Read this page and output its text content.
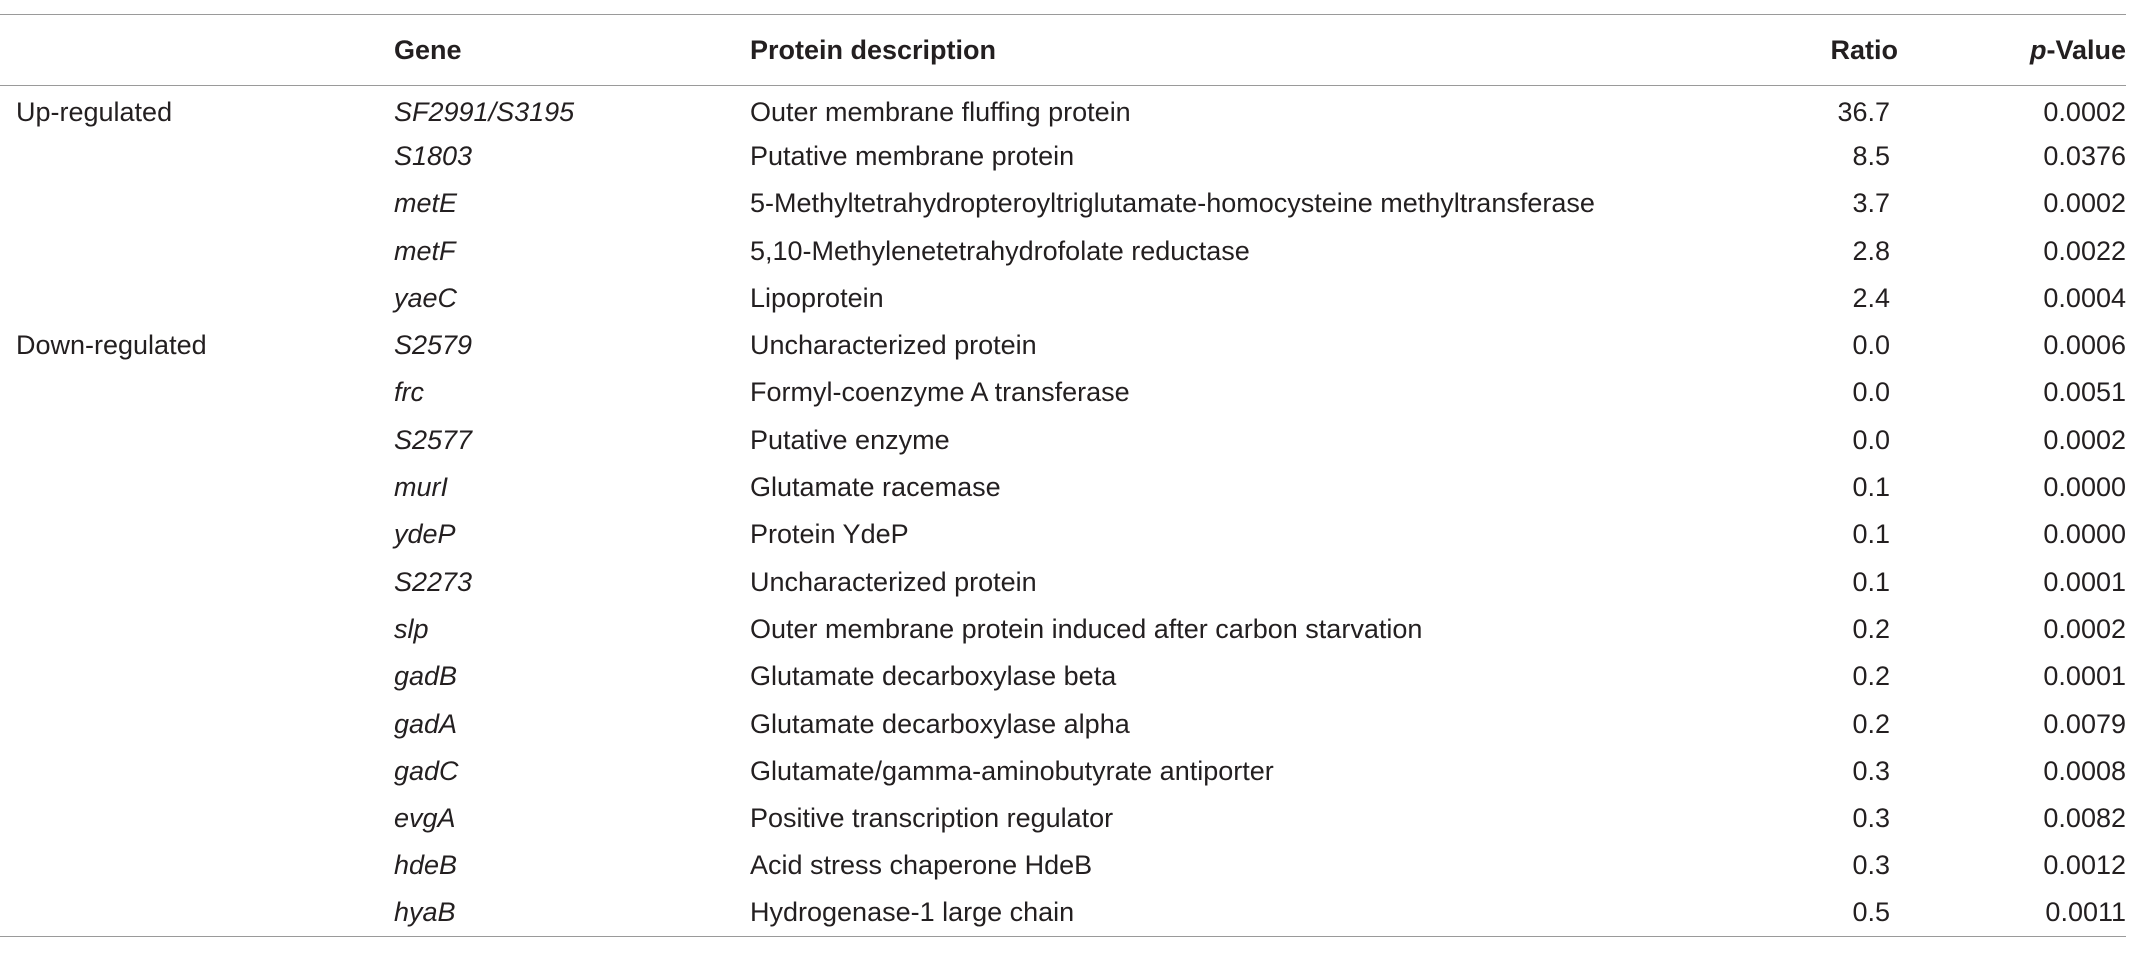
	Gene	Protein description	Ratio	p-Value
Up-regulated	SF2991/S3195	Outer membrane fluffing protein	36.7	0.0002
	S1803	Putative membrane protein	8.5	0.0376
	metE	5-Methyltetrahydropteroyltriglutamate-homocysteine methyltransferase	3.7	0.0002
	metF	5,10-Methylenetetrahydrofolate reductase	2.8	0.0022
	yaeC	Lipoprotein	2.4	0.0004
Down-regulated	S2579	Uncharacterized protein	0.0	0.0006
	frc	Formyl-coenzyme A transferase	0.0	0.0051
	S2577	Putative enzyme	0.0	0.0002
	murI	Glutamate racemase	0.1	0.0000
	ydeP	Protein YdeP	0.1	0.0000
	S2273	Uncharacterized protein	0.1	0.0001
	slp	Outer membrane protein induced after carbon starvation	0.2	0.0002
	gadB	Glutamate decarboxylase beta	0.2	0.0001
	gadA	Glutamate decarboxylase alpha	0.2	0.0079
	gadC	Glutamate/gamma-aminobutyrate antiporter	0.3	0.0008
	evgA	Positive transcription regulator	0.3	0.0082
	hdeB	Acid stress chaperone HdeB	0.3	0.0012
	hyaB	Hydrogenase-1 large chain	0.5	0.0011
